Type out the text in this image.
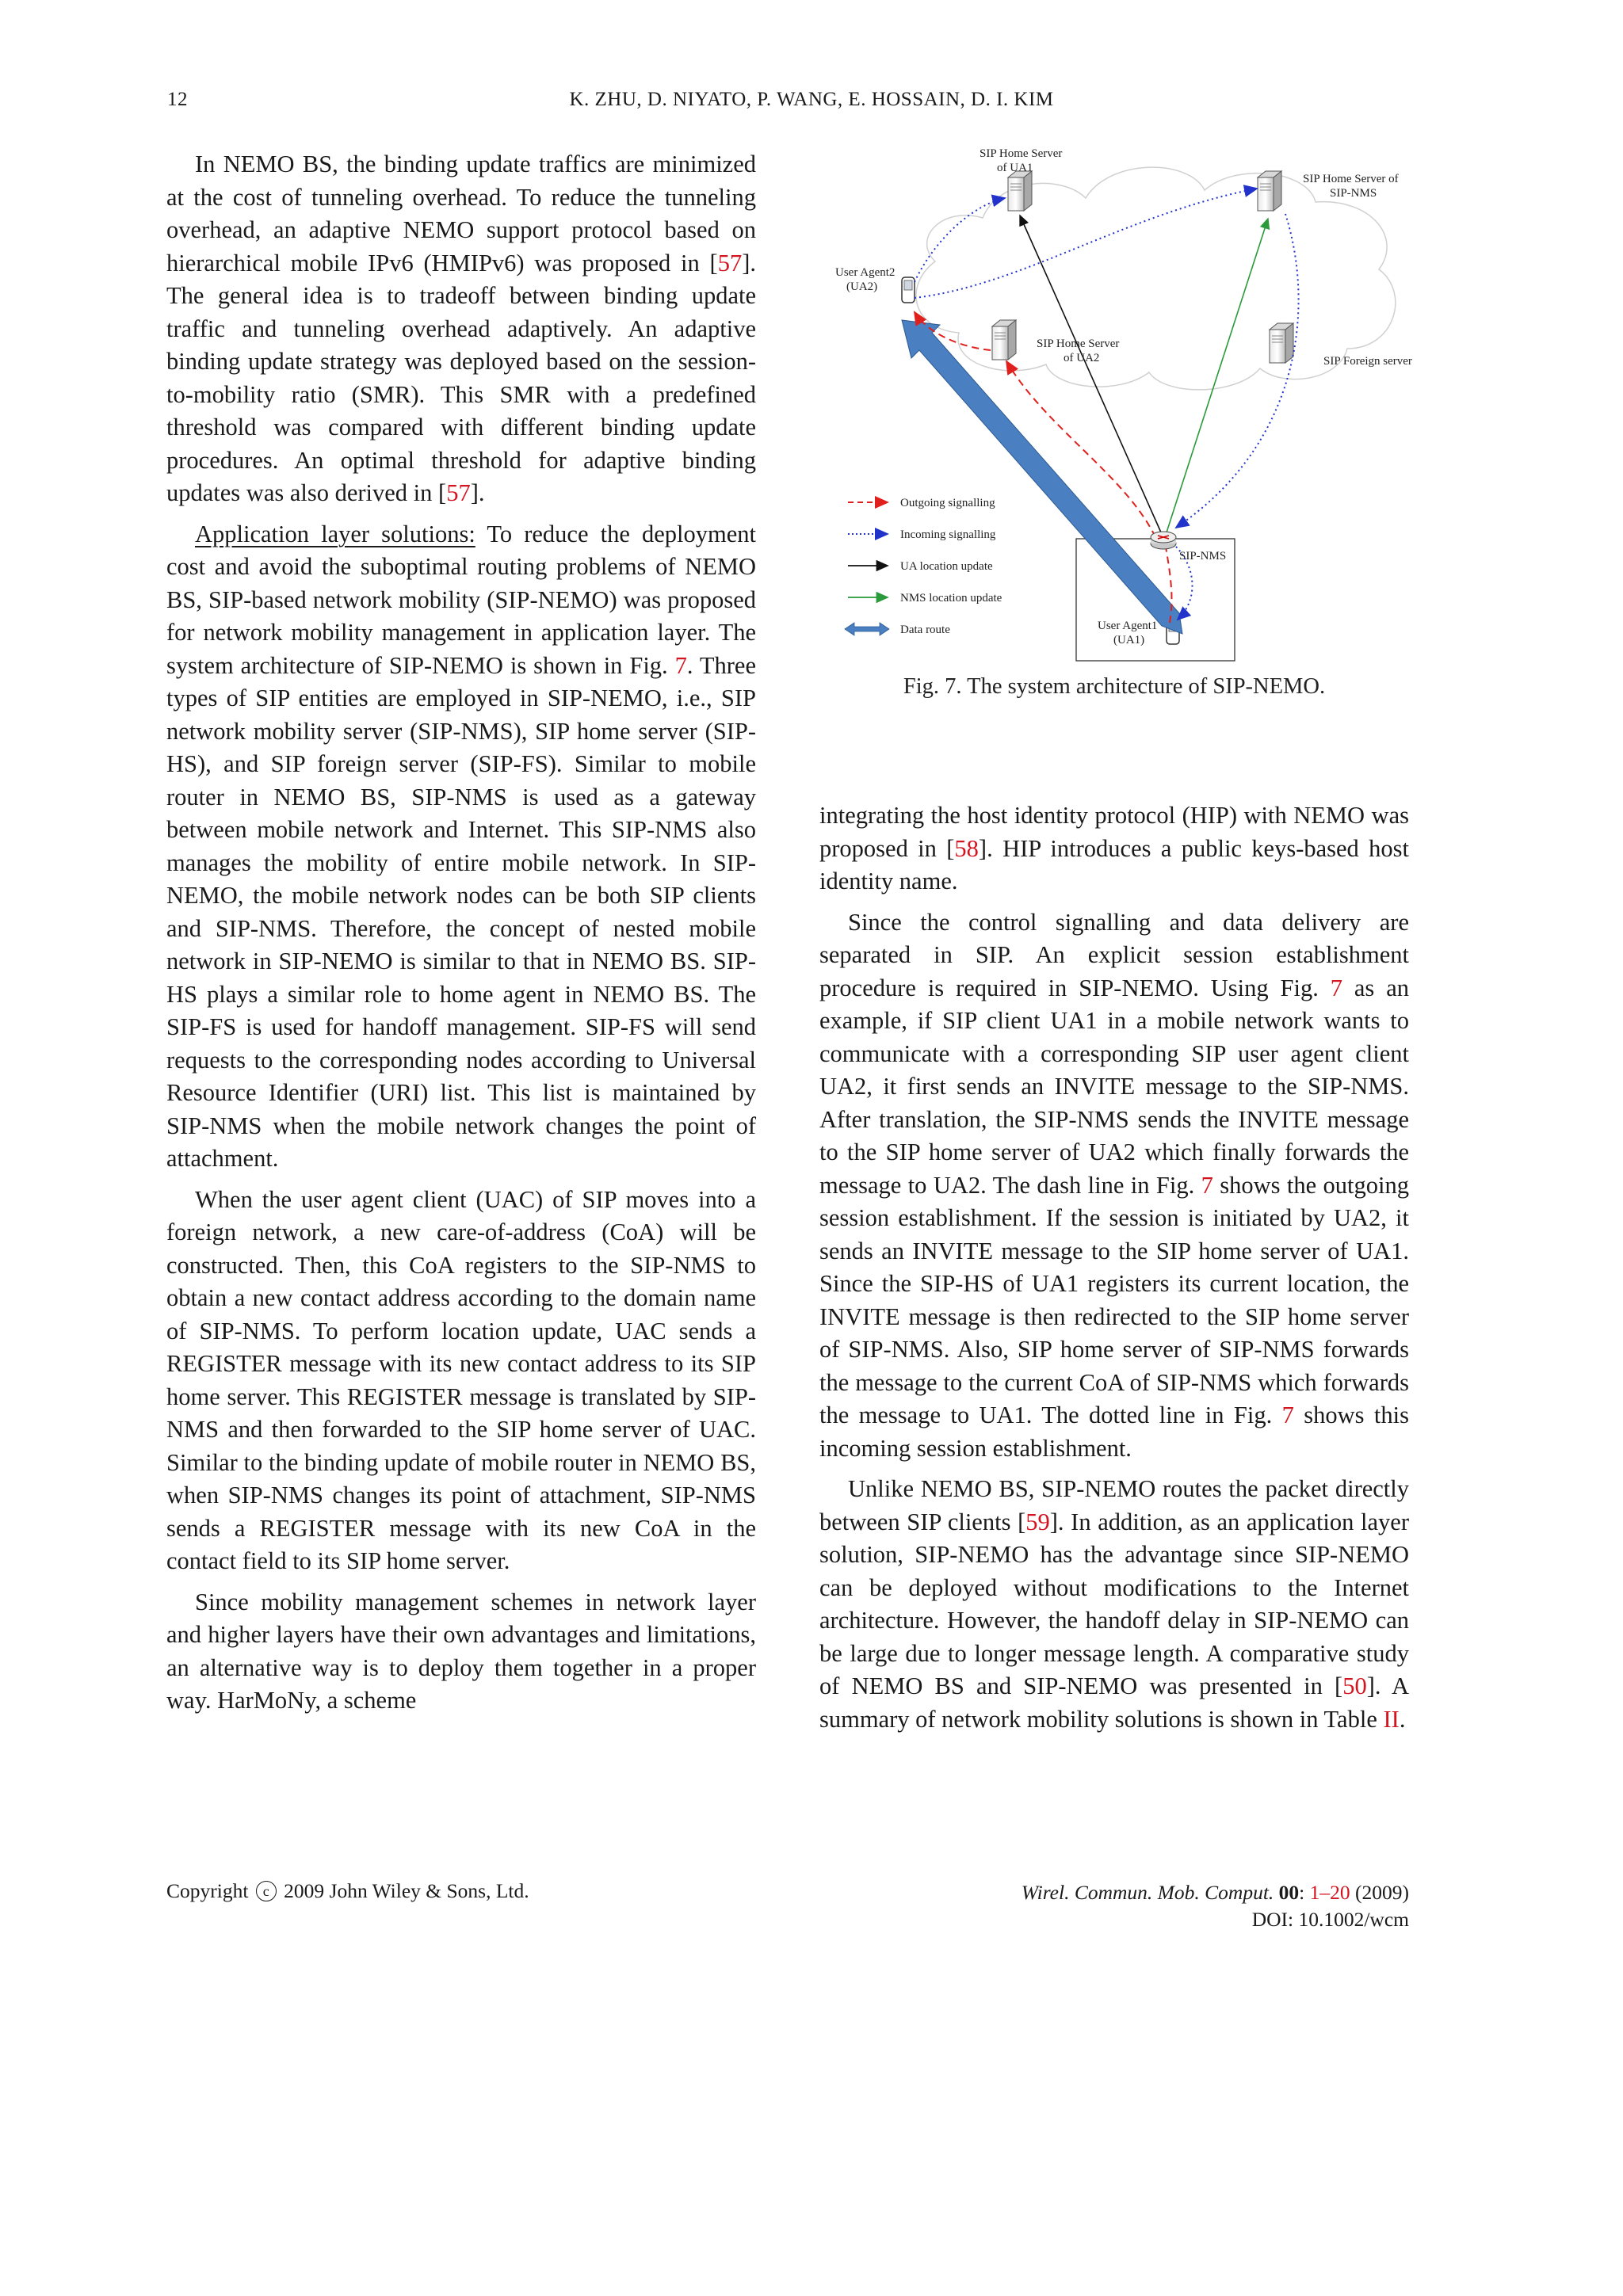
12	K. ZHU, D. NIYATO, P. WANG, E. HOSSAIN, D. I. KIM

In NEMO BS, the binding update traffics are minimized at the cost of tunneling overhead. To reduce the tunneling overhead, an adaptive NEMO support protocol based on hierarchical mobile IPv6 (HMIPv6) was proposed in [57]. The general idea is to tradeoff between binding update traffic and tunneling overhead adaptively. An adaptive binding update strategy was deployed based on the session-to-mobility ratio (SMR). This SMR with a predefined threshold was compared with different binding update procedures. An optimal threshold for adaptive binding updates was also derived in [57].

Application layer solutions: To reduce the deployment cost and avoid the suboptimal routing problems of NEMO BS, SIP-based network mobility (SIP-NEMO) was proposed for network mobility management in application layer. The system architecture of SIP-NEMO is shown in Fig. 7. Three types of SIP entities are employed in SIP-NEMO, i.e., SIP network mobility server (SIP-NMS), SIP home server (SIP-HS), and SIP foreign server (SIP-FS). Similar to mobile router in NEMO BS, SIP-NMS is used as a gateway between mobile network and Internet. This SIP-NMS also manages the mobility of entire mobile network. In SIP-NEMO, the mobile network nodes can be both SIP clients and SIP-NMS. Therefore, the concept of nested mobile network in SIP-NEMO is similar to that in NEMO BS. SIP-HS plays a similar role to home agent in NEMO BS. The SIP-FS is used for handoff management. SIP-FS will send requests to the corresponding nodes according to Universal Resource Identifier (URI) list. This list is maintained by SIP-NMS when the mobile network changes the point of attachment.

When the user agent client (UAC) of SIP moves into a foreign network, a new care-of-address (CoA) will be constructed. Then, this CoA registers to the SIP-NMS to obtain a new contact address according to the domain name of SIP-NMS. To perform location update, UAC sends a REGISTER message with its new contact address to its SIP home server. This REGISTER message is translated by SIP-NMS and then forwarded to the SIP home server of UAC. Similar to the binding update of mobile router in NEMO BS, when SIP-NMS changes its point of attachment, SIP-NMS sends a REGISTER message with its new CoA in the contact field to its SIP home server.

Since mobility management schemes in network layer and higher layers have their own advantages and limitations, an alternative way is to deploy them together in a proper way. HarMoNy, a scheme

SIP Home Server
of UA1
SIP Home Server of
SIP-NMS
User Agent2
(UA2)
SIP Home Server
of UA2	SIP Foreign server
SIP-NMS
User Agent1
(UA1)
Outgoing signalling
Incoming signalling
UA location update
NMS location update
Data route
Fig. 7. The system architecture of SIP-NEMO.

integrating the host identity protocol (HIP) with NEMO was proposed in [58]. HIP introduces a public keys-based host identity name.

Since the control signalling and data delivery are separated in SIP. An explicit session establishment procedure is required in SIP-NEMO. Using Fig. 7 as an example, if SIP client UA1 in a mobile network wants to communicate with a corresponding SIP user agent client UA2, it first sends an INVITE message to the SIP-NMS. After translation, the SIP-NMS sends the INVITE message to the SIP home server of UA2 which finally forwards the message to UA2. The dash line in Fig. 7 shows the outgoing session establishment. If the session is initiated by UA2, it sends an INVITE message to the SIP home server of UA1. Since the SIP-HS of UA1 registers its current location, the INVITE message is then redirected to the SIP home server of SIP-NMS. Also, SIP home server of SIP-NMS forwards the message to the current CoA of SIP-NMS which forwards the message to UA1. The dotted line in Fig. 7 shows this incoming session establishment.

Unlike NEMO BS, SIP-NEMO routes the packet directly between SIP clients [59]. In addition, as an application layer solution, SIP-NEMO has the advantage since SIP-NEMO can be deployed without modifications to the Internet architecture. However, the handoff delay in SIP-NEMO can be large due to longer message length. A comparative study of NEMO BS and SIP-NEMO was presented in [50]. A summary of network mobility solutions is shown in Table II.

Copyright c 2009 John Wiley & Sons, Ltd.	Wirel. Commun. Mob. Comput. 00: 1–20 (2009)
DOI: 10.1002/wcm
